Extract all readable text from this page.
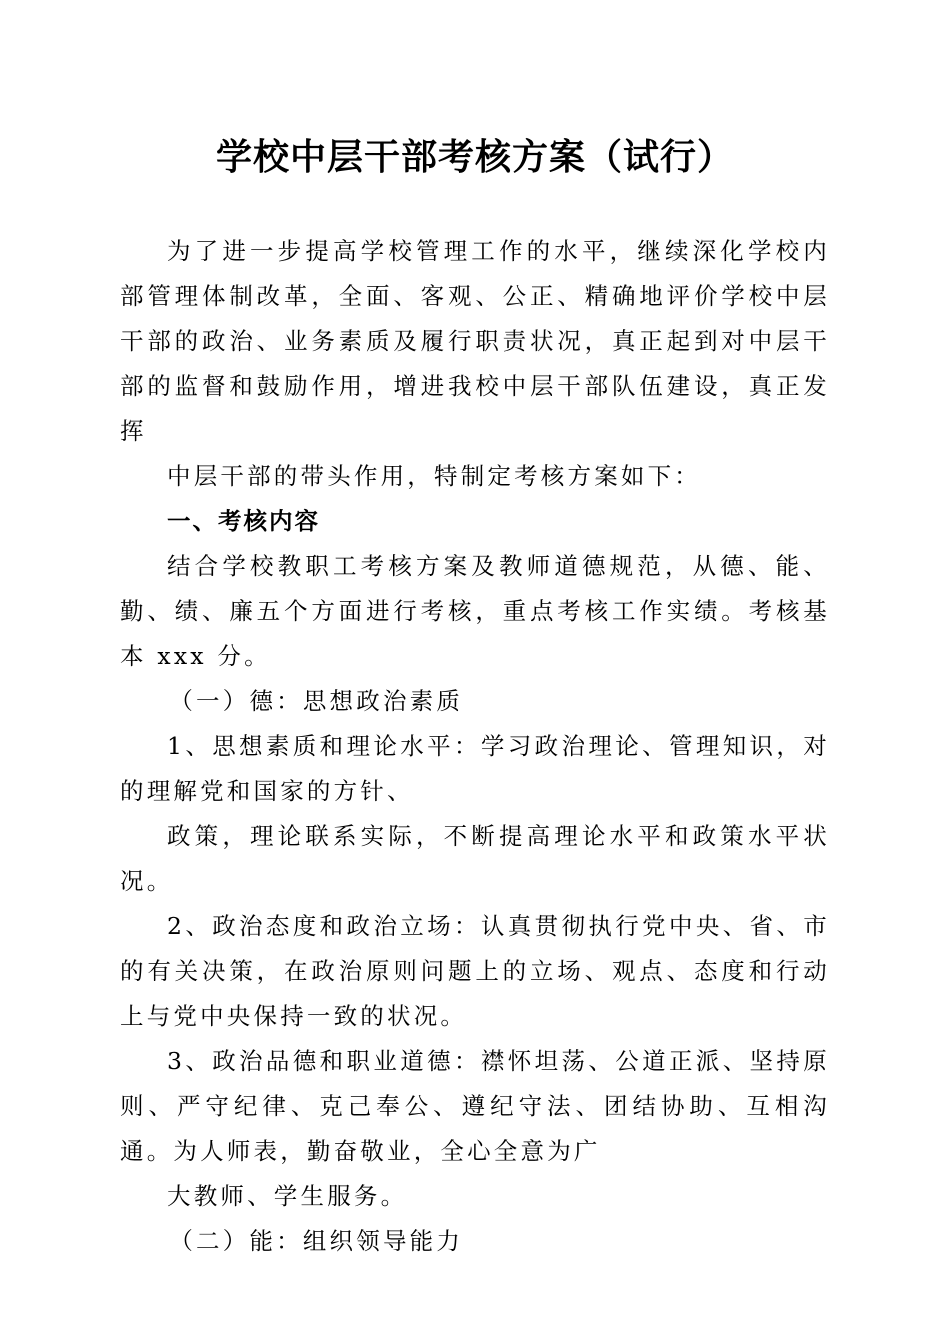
学校中层干部考核方案（试行）

为了进一步提高学校管理工作的水平，继续深化学校内部管理体制改革，全面、客观、公正、精确地评价学校中层干部的政治、业务素质及履行职责状况，真正起到对中层干部的监督和鼓励作用，增进我校中层干部队伍建设，真正发挥

中层干部的带头作用，特制定考核方案如下：

一、考核内容

结合学校教职工考核方案及教师道德规范，从德、能、勤、绩、廉五个方面进行考核，重点考核工作实绩。考核基本 xxx 分。

（一）德：思想政治素质

1、思想素质和理论水平：学习政治理论、管理知识，对的理解党和国家的方针、

政策，理论联系实际，不断提高理论水平和政策水平状况。

2、政治态度和政治立场：认真贯彻执行党中央、省、市的有关决策，在政治原则问题上的立场、观点、态度和行动上与党中央保持一致的状况。

3、政治品德和职业道德：襟怀坦荡、公道正派、坚持原则、严守纪律、克己奉公、遵纪守法、团结协助、互相沟通。为人师表，勤奋敬业，全心全意为广

大教师、学生服务。

（二）能：组织领导能力
